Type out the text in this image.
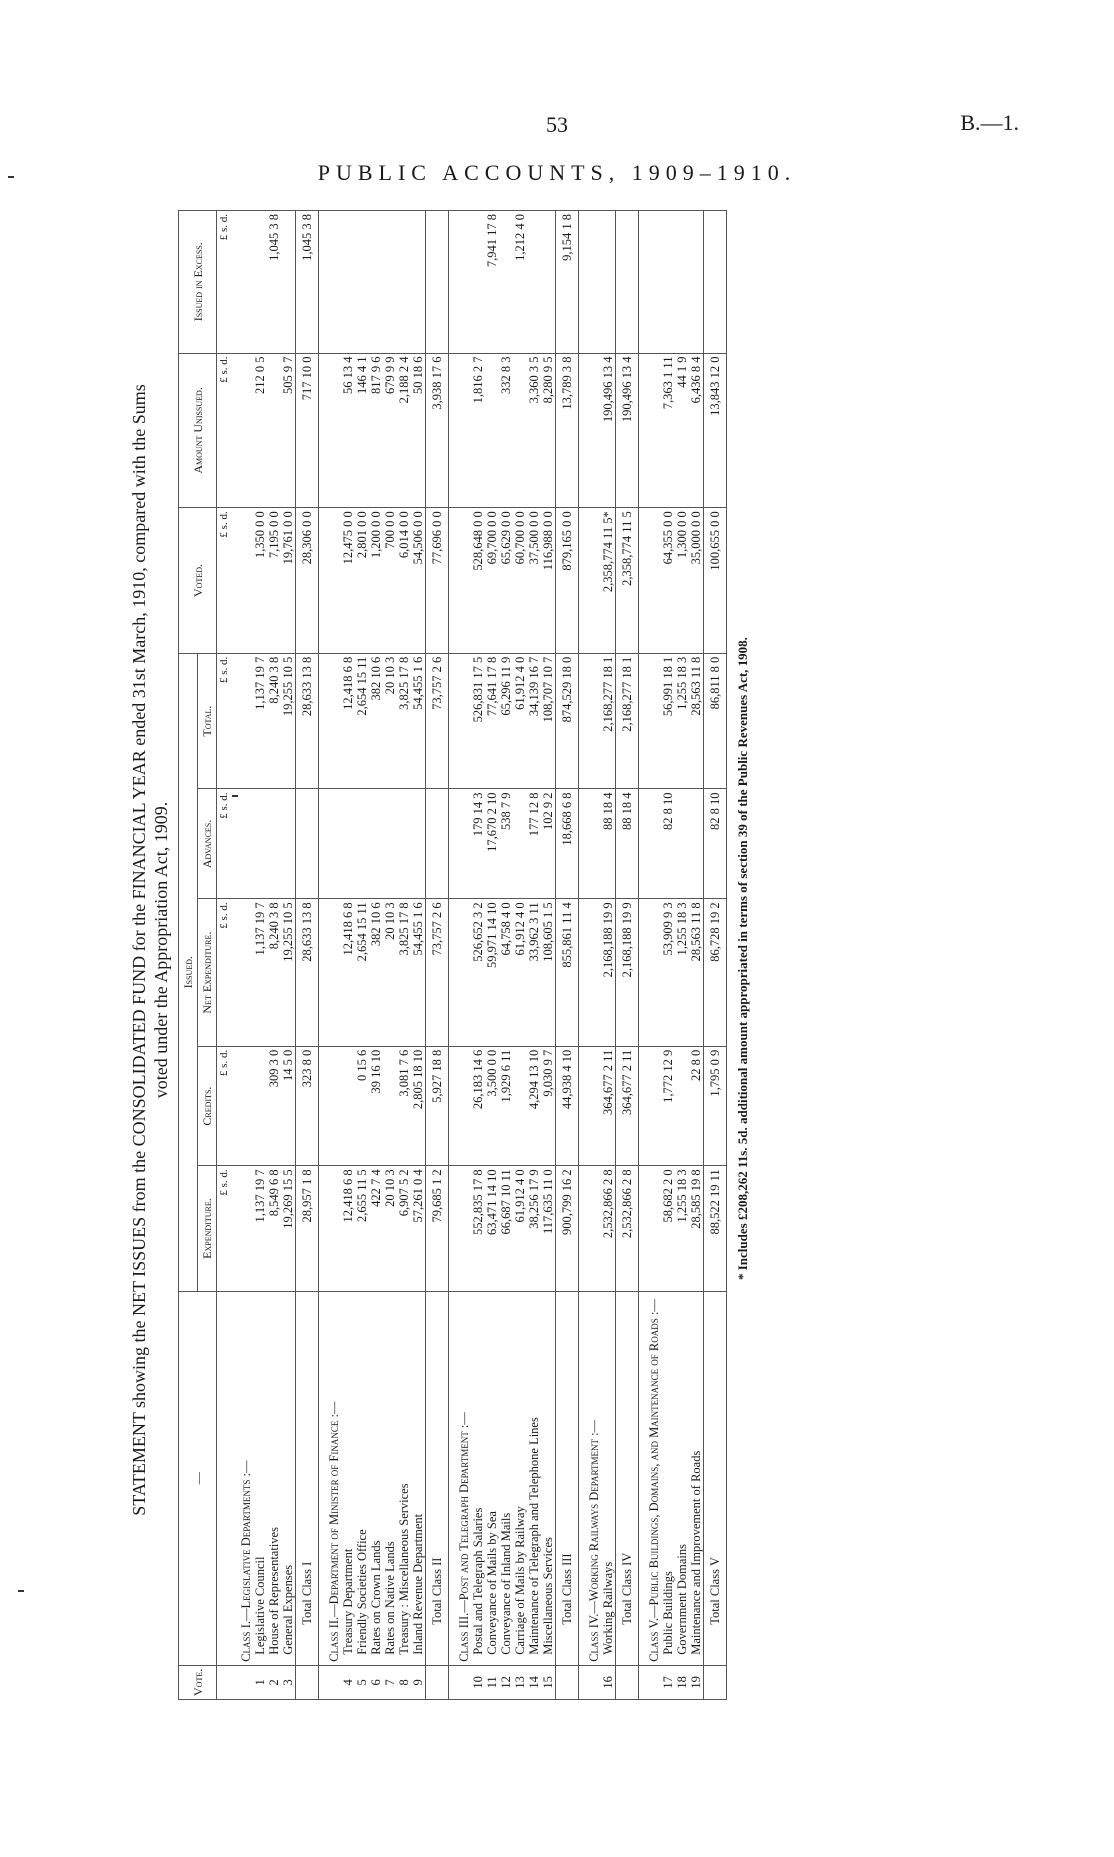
53	B.—1.
PUBLIC ACCOUNTS, 1909–1910.
STATEMENT showing the NET ISSUES from the CONSOLIDATED FUND for the FINANCIAL YEAR ended 31st March, 1910, compared with the Sums voted under the Appropriation Act, 1909.
Vote.	—	Issued.					Voted.	Amount Unissued.	Issued in Excess.
		Expenditure.	Credits.	Net Expenditure.	Advances.	Total.			
		£ s. d.	£ s. d.	£ s. d.	£ s. d.	£ s. d.	£ s. d.	£ s. d.	£ s. d.
	Class I.—Legislative Departments :—								
1	Legislative Council	1,137 19 7		1,137 19 7		1,137 19 7	1,350 0 0	212 0 5	
2	House of Representatives	8,549 6 8	309 3 0	8,240 3 8		8,240 3 8	7,195 0 0		1,045 3 8
3	General Expenses	19,269 15 5	14 5 0	19,255 10 5		19,255 10 5	19,761 0 0	505 9 7	
	Total Class I	28,957 1 8	323 8 0	28,633 13 8		28,633 13 8	28,306 0 0	717 10 0	1,045 3 8
	Class II.—Department of Minister of Finance :—								
4	Treasury Department	12,418 6 8		12,418 6 8		12,418 6 8	12,475 0 0	56 13 4	
5	Friendly Societies Office	2,655 11 5	0 15 6	2,654 15 11		2,654 15 11	2,801 0 0	146 4 1	
6	Rates on Crown Lands	422 7 4	39 16 10	382 10 6		382 10 6	1,200 0 0	817 9 6	
7	Rates on Native Lands	20 10 3		20 10 3		20 10 3	700 0 0	679 9 9	
8	Treasury : Miscellaneous Services	6,907 5 2	3,081 7 6	3,825 17 8		3,825 17 8	6,014 0 0	2,188 2 4	
9	Inland Revenue Department	57,261 0 4	2,805 18 10	54,455 1 6		54,455 1 6	54,506 0 0	50 18 6	
	Total Class II	79,685 1 2	5,927 18 8	73,757 2 6		73,757 2 6	77,696 0 0	3,938 17 6	
	Class III.—Post and Telegraph Department :—								
10	Postal and Telegraph Salaries	552,835 17 8	26,183 14 6	526,652 3 2	179 14 3	526,831 17 5	528,648 0 0	1,816 2 7	
11	Conveyance of Mails by Sea	63,471 14 10	3,500 0 0	59,971 14 10	17,670 2 10	77,641 17 8	69,700 0 0		7,941 17 8
12	Conveyance of Inland Mails	66,687 10 11	1,929 6 11	64,758 4 0	538 7 9	65,296 11 9	65,629 0 0	332 8 3	
13	Carriage of Mails by Railway	61,912 4 0		61,912 4 0		61,912 4 0	60,700 0 0		1,212 4 0
14	Maintenance of Telegraph and Telephone Lines	38,256 17 9	4,294 13 10	33,962 3 11	177 12 8	34,139 16 7	37,500 0 0	3,360 3 5	
15	Miscellaneous Services	117,635 11 0	9,030 9 7	108,605 1 5	102 9 2	108,707 10 7	116,988 0 0	8,280 9 5	
	Total Class III	900,799 16 2	44,938 4 10	855,861 11 4	18,668 6 8	874,529 18 0	879,165 0 0	13,789 3 8	9,154 1 8
	Class IV.—Working Railways Department :—								
16	Working Railways	2,532,866 2 8	364,677 2 11	2,168,188 19 9	88 18 4	2,168,277 18 1	2,358,774 11 5*	190,496 13 4	
	Total Class IV	2,532,866 2 8	364,677 2 11	2,168,188 19 9	88 18 4	2,168,277 18 1	2,358,774 11 5	190,496 13 4	
	Class V.—Public Buildings, Domains, and Maintenance of Roads :—								
17	Public Buildings	58,682 2 0	1,772 12 9	53,909 9 3	82 8 10	56,991 18 1	64,355 0 0	7,363 1 11	
18	Government Domains	1,255 18 3		1,255 18 3		1,255 18 3	1,300 0 0	44 1 9	
19	Maintenance and Improvement of Roads	28,585 19 8	22 8 0	28,563 11 8		28,563 11 8	35,000 0 0	6,436 8 4	
	Total Class V	88,522 19 11	1,795 0 9	86,728 19 2	82 8 10	86,811 8 0	100,655 0 0	13,843 12 0	
* Includes £208,262 11s. 5d. additional amount appropriated in terms of section 39 of the Public Revenues Act, 1908.
